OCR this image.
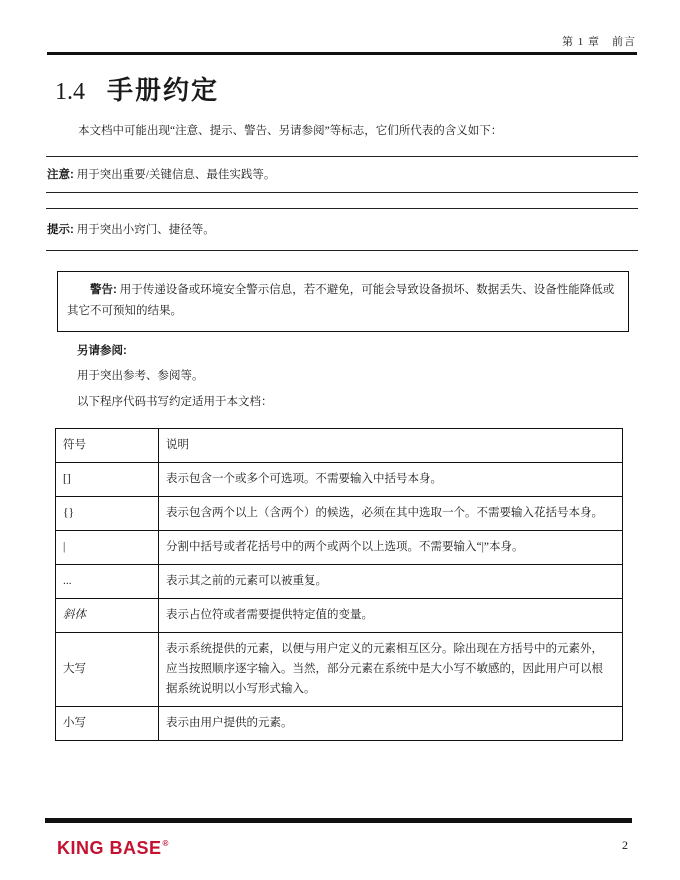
第 1 章　前言
1.4 手册约定
本文档中可能出现“注意、提示、警告、另请参阅”等标志，它们所代表的含义如下：
注意: 用于突出重要/关键信息、最佳实践等。
提示: 用于突出小窍门、捷径等。

警告: 用于传递设备或环境安全警示信息，若不避免，可能会导致设备损坏、数据丢失、设备性能降低或其它不可预知的结果。

另请参阅:
用于突出参考、参阅等。
以下程序代码书写约定适用于本文档：
符号	说明
[]	表示包含一个或多个可选项。不需要输入中括号本身。
{}	表示包含两个以上（含两个）的候选，必须在其中选取一个。不需要输入花括号本身。
|	分割中括号或者花括号中的两个或两个以上选项。不需要输入“|”本身。
...	表示其之前的元素可以被重复。
斜体	表示占位符或者需要提供特定值的变量。
大写	表示系统提供的元素，以便与用户定义的元素相互区分。除出现在方括号中的元素外，应当按照顺序逐字输入。当然，部分元素在系统中是大小写不敏感的，因此用户可以根据系统说明以小写形式输入。
小写	表示由用户提供的元素。
KING BASE ®	2
